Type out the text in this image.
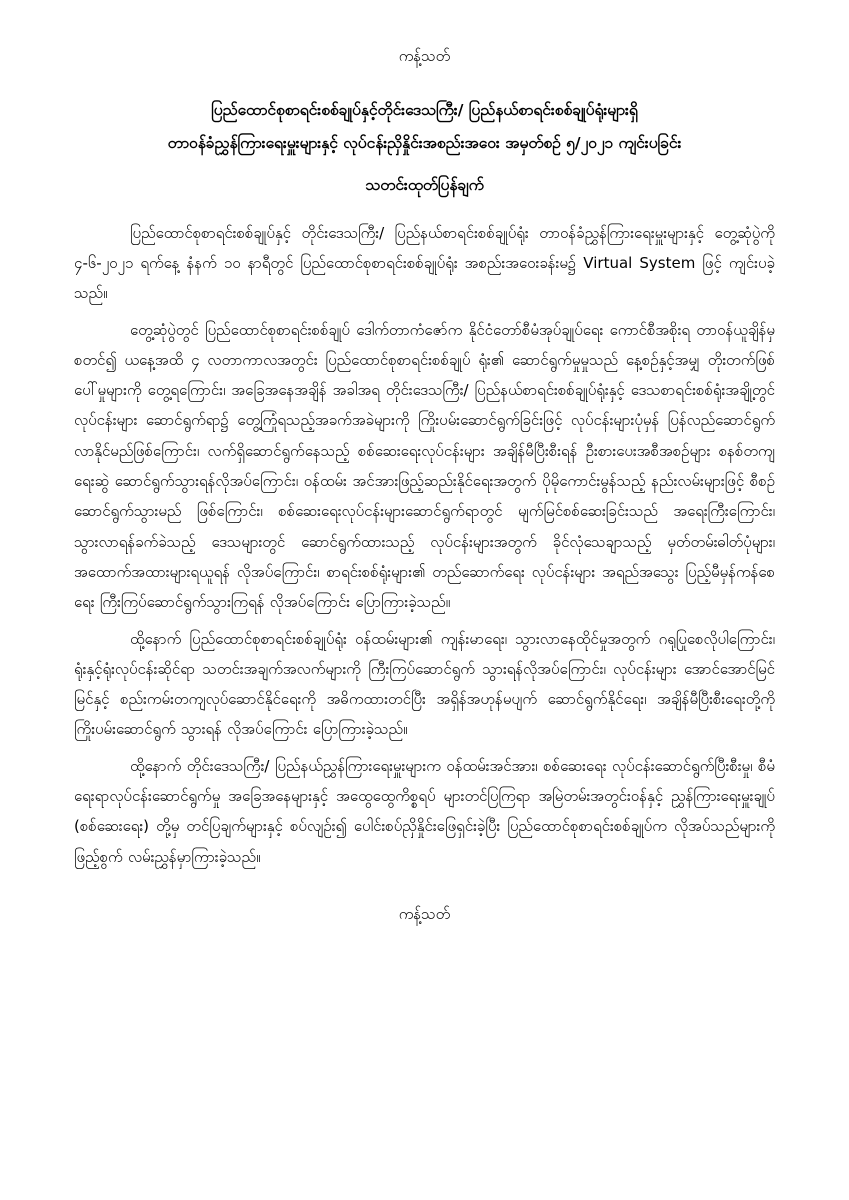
ကန့်သတ်
ပြည်ထောင်စုစာရင်းစစ်ချုပ်နှင့်တိုင်းဒေသကြီး/ ပြည်နယ်စာရင်းစစ်ချုပ်ရုံးများရှိ
တာဝန်ခံညွှန်ကြားရေးမှူးများနှင့် လုပ်ငန်းညှိနှိုင်းအစည်းအဝေး အမှတ်စဉ် ၅/၂၀၂၁ ကျင်းပခြင်း
သတင်းထုတ်ပြန်ချက်

ပြည်ထောင်စုစာရင်းစစ်ချုပ်နှင့် တိုင်းဒေသကြီး/ ပြည်နယ်စာရင်းစစ်ချုပ်ရုံး တာဝန်ခံညွှန်ကြားရေးမှူးများနှင့် တွေ့ဆုံပွဲကို ၄-၆-၂၀၂၁ ရက်နေ့ နံနက် ၁၀ နာရီတွင် ပြည်ထောင်စုစာရင်းစစ်ချုပ်ရုံး အစည်းအဝေးခန်းမ၌ Virtual System ဖြင့် ကျင်းပခဲ့သည်။

တွေ့ဆုံပွဲတွင် ပြည်ထောင်စုစာရင်းစစ်ချုပ် ဒေါက်တာကံဇော်က နိုင်ငံတော်စီမံအုပ်ချုပ်ရေး ကောင်စီအစိုးရ တာဝန်ယူချိန်မှစတင်၍ ယနေ့အထိ ၄ လတာကာလအတွင်း ပြည်ထောင်စုစာရင်းစစ်ချုပ် ရုံး၏ ဆောင်ရွက်မှုမှုသည် နေ့စဉ်နှင့်အမျှ တိုးတက်ဖြစ်ပေါ်မှုများကို တွေ့ရကြောင်း၊ အခြေအနေအချိန် အခါအရ တိုင်းဒေသကြီး/ ပြည်နယ်စာရင်းစစ်ချုပ်ရုံးနှင့် ဒေသစာရင်းစစ်ရုံးအချို့တွင် လုပ်ငန်းများ ဆောင်ရွက်ရာ၌ တွေ့ကြုံရသည့်အခက်အခဲများကို ကြိုးပမ်းဆောင်ရွက်ခြင်းဖြင့် လုပ်ငန်းများပုံမှန် ပြန်လည်ဆောင်ရွက်လာနိုင်မည်ဖြစ်ကြောင်း၊ လက်ရှိဆောင်ရွက်နေသည့် စစ်ဆေးရေးလုပ်ငန်းများ အချိန်မီပြီးစီးရန် ဦးစားပေးအစီအစဉ်များ စနစ်တကျရေးဆွဲ ဆောင်ရွက်သွားရန်လိုအပ်ကြောင်း၊ ဝန်ထမ်း အင်အားဖြည့်ဆည်းနိုင်ရေးအတွက် ပိုမိုကောင်းမွန်သည့် နည်းလမ်းများဖြင့် စီစဉ်ဆောင်ရွက်သွားမည် ဖြစ်ကြောင်း၊ စစ်ဆေးရေးလုပ်ငန်းများဆောင်ရွက်ရာတွင် မျက်မြင်စစ်ဆေးခြင်းသည် အရေးကြီးကြောင်း၊ သွားလာရန်ခက်ခဲသည့် ဒေသများတွင် ဆောင်ရွက်ထားသည့် လုပ်ငန်းများအတွက် ခိုင်လုံသေချာသည့် မှတ်တမ်းဓါတ်ပုံများ၊ အထောက်အထားများရယူရန် လိုအပ်ကြောင်း၊ စာရင်းစစ်ရုံးများ၏ တည်ဆောက်ရေး လုပ်ငန်းများ အရည်အသွေး ပြည့်မီမှန်ကန်စေရေး ကြီးကြပ်ဆောင်ရွက်သွားကြရန် လိုအပ်ကြောင်း ပြောကြားခဲ့သည်။

ထို့နောက် ပြည်ထောင်စုစာရင်းစစ်ချုပ်ရုံး ဝန်ထမ်းများ၏ ကျန်းမာရေး၊ သွားလာနေထိုင်မှုအတွက် ဂရုပြုစေလိုပါကြောင်း၊ ရုံးနှင့်ရုံးလုပ်ငန်းဆိုင်ရာ သတင်းအချက်အလက်များကို ကြီးကြပ်ဆောင်ရွက် သွားရန်လိုအပ်ကြောင်း၊ လုပ်ငန်းများ အောင်အောင်မြင်မြင်နှင့် စည်းကမ်းတကျလုပ်ဆောင်နိုင်ရေးကို အဓိကထားတင်ပြီး အရှိန်အဟုန်မပျက် ဆောင်ရွက်နိုင်ရေး၊ အချိန်မီပြီးစီးရေးတို့ကို ကြိုးပမ်းဆောင်ရွက် သွားရန် လိုအပ်ကြောင်း ပြောကြားခဲ့သည်။

ထို့နောက် တိုင်းဒေသကြီး/ ပြည်နယ်ညွှန်ကြားရေးမှူးများက ဝန်ထမ်းအင်အား၊ စစ်ဆေးရေး လုပ်ငန်းဆောင်ရွက်ပြီးစီးမှု၊ စီမံရေးရာလုပ်ငန်းဆောင်ရွက်မှု အခြေအနေများနှင့် အထွေထွေကိစ္စရပ် များတင်ပြကြရာ အမြဲတမ်းအတွင်းဝန်နှင့် ညွှန်ကြားရေးမှူးချုပ် (စစ်ဆေးရေး) တို့မှ တင်ပြချက်များနှင့် စပ်လျဉ်း၍ ပေါင်းစပ်ညှိနှိုင်းဖြေရှင်းခဲ့ပြီး ပြည်ထောင်စုစာရင်းစစ်ချုပ်က လိုအပ်သည်များကို ဖြည့်စွက် လမ်းညွှန်မှာကြားခဲ့သည်။

ကန့်သတ်
